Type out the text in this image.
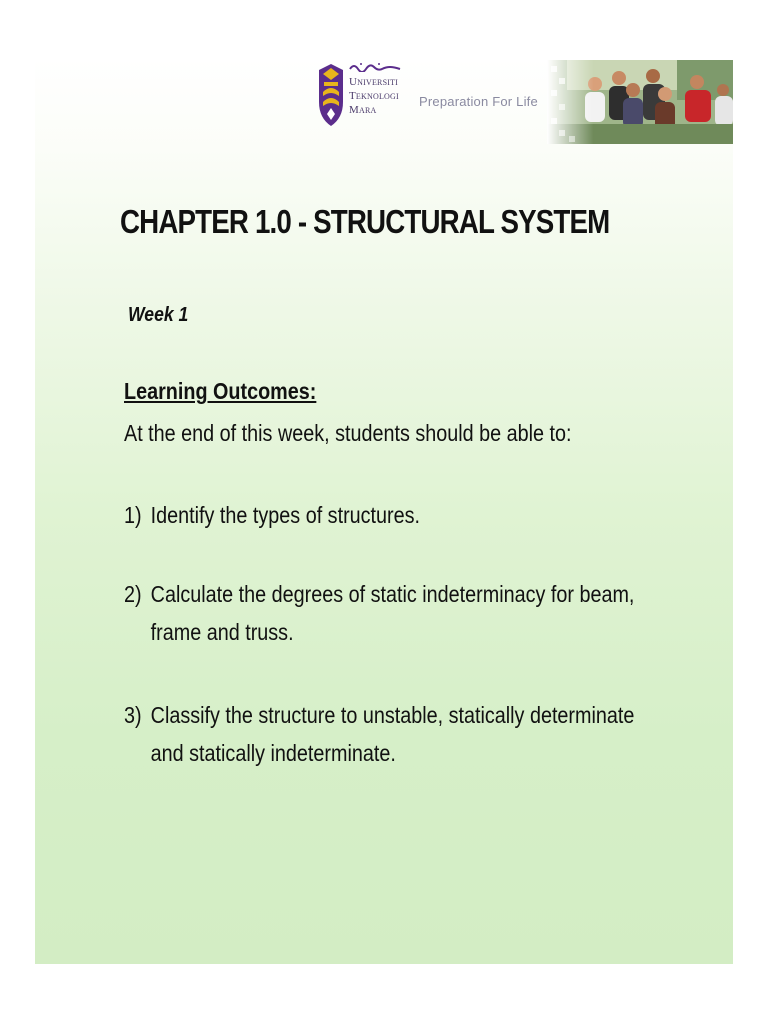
Universiti
Teknologi
Mara
Preparation For Life
CHAPTER 1.0 - STRUCTURAL SYSTEM
Week 1
Learning Outcomes:
At the end of this week, students should be able to:
1) Identify the types of structures.
2) Calculate the degrees of static indeterminacy for beam,
frame and truss.
3) Classify the structure to unstable, statically determinate
and statically indeterminate.
